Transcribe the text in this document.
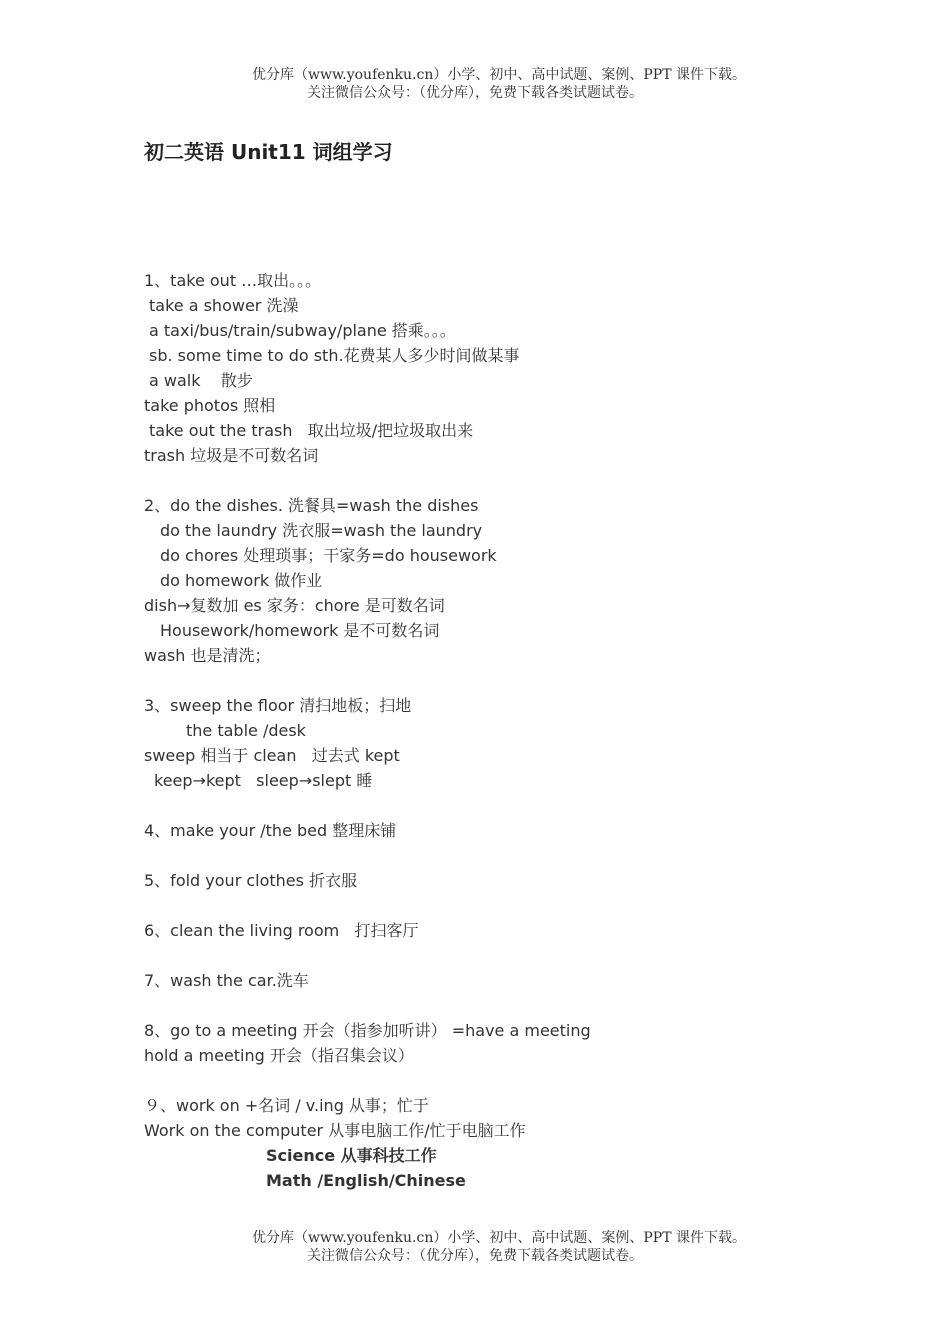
优分库（www.youfenku.cn）小学、初中、高中试题、案例、PPT 课件下载。
关注微信公众号：（优分库），免费下载各类试题试卷。
初二英语 Unit11 词组学习
1、take out …取出。。。
take a shower 洗澡
a taxi/bus/train/subway/plane 搭乘。。。
sb. some time to do sth.花费某人多少时间做某事
a walk    散步
take photos 照相
take out the trash   取出垃圾/把垃圾取出来
trash 垃圾是不可数名词
2、do the dishes. 洗餐具=wash the dishes
do the laundry 洗衣服=wash the laundry
do chores 处理琐事；干家务=do housework
do homework 做作业
dish→复数加 es 家务：chore 是可数名词
Housework/homework 是不可数名词
wash 也是清洗；
3、sweep the floor 清扫地板；扫地
the table /desk
sweep 相当于 clean   过去式 kept
keep→kept   sleep→slept 睡
4、make your /the bed 整理床铺
5、fold your clothes 折衣服
6、clean the living room   打扫客厅
7、wash the car.洗车
8、go to a meeting 开会（指参加听讲） =have a meeting
hold a meeting 开会（指召集会议）
９、work on +名词 / v.ing 从事；忙于
Work on the computer 从事电脑工作/忙于电脑工作
Science 从事科技工作
Math /English/Chinese
优分库（www.youfenku.cn）小学、初中、高中试题、案例、PPT 课件下载。
关注微信公众号：（优分库），免费下载各类试题试卷。
